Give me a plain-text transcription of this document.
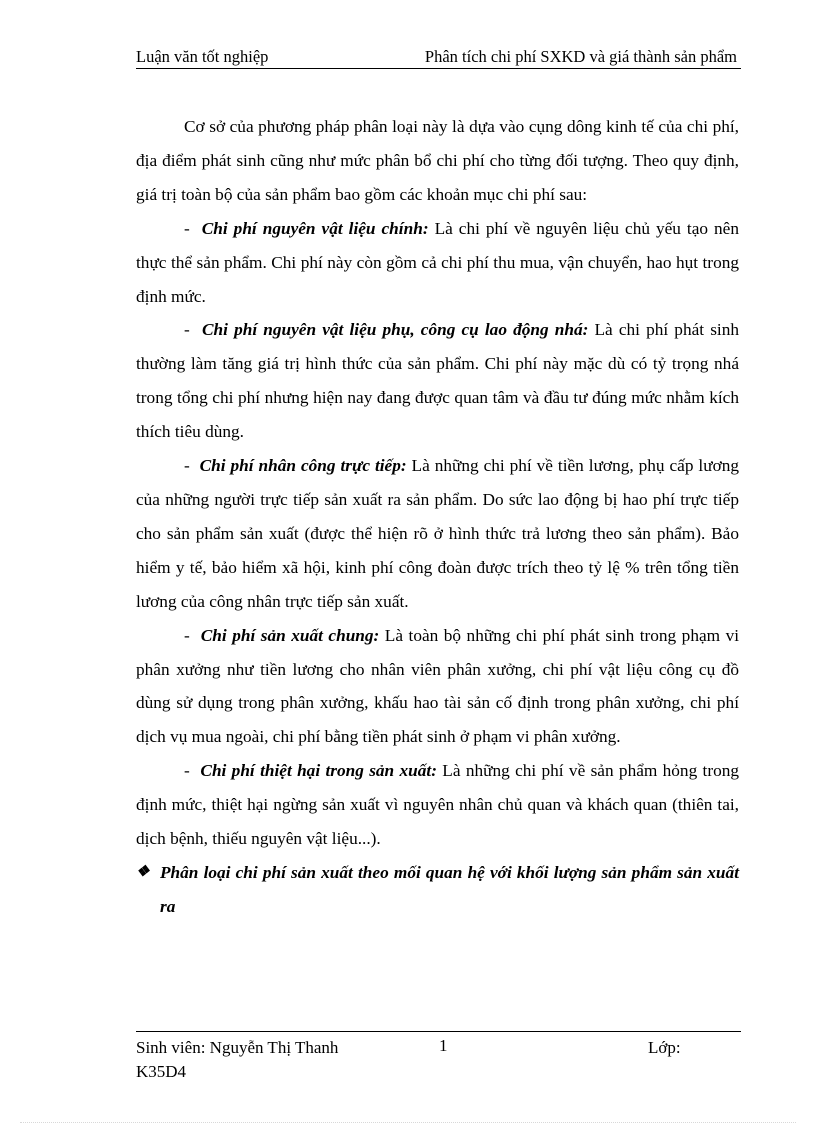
Luận văn tốt nghiệp	Phân tích chi phí SXKD và giá thành sản phẩm

Cơ sở của phương pháp phân loại này là dựa vào cụng dông kinh tế của chi phí, địa điểm phát sinh cũng như mức phân bổ chi phí cho từng đối tượng. Theo quy định, giá trị toàn bộ của sản phẩm bao gồm các khoản mục chi phí sau:

- Chi phí nguyên vật liệu chính: Là chi phí về nguyên liệu chủ yếu tạo nên thực thể sản phẩm. Chi phí này còn gồm cả chi phí thu mua, vận chuyển, hao hụt trong định mức.

- Chi phí nguyên vật liệu phụ, công cụ lao động nhá: Là chi phí phát sinh thường làm tăng giá trị hình thức của sản phẩm. Chi phí này mặc dù có tỷ trọng nhá trong tổng chi phí nhưng hiện nay đang được quan tâm và đầu tư đúng mức nhằm kích thích tiêu dùng.

- Chi phí nhân công trực tiếp: Là những chi phí về tiền lương, phụ cấp lương của những người trực tiếp sản xuất ra sản phẩm. Do sức lao động bị hao phí trực tiếp cho sản phẩm sản xuất (được thể hiện rõ ở hình thức trả lương theo sản phẩm). Bảo hiểm y tế, bảo hiểm xã hội, kinh phí công đoàn được trích theo tỷ lệ % trên tổng tiền lương của công nhân trực tiếp sản xuất.

- Chi phí sản xuất chung: Là toàn bộ những chi phí phát sinh trong phạm vi phân xưởng như tiền lương cho nhân viên phân xưởng, chi phí vật liệu công cụ đồ dùng sử dụng trong phân xưởng, khấu hao tài sản cố định trong phân xưởng, chi phí dịch vụ mua ngoài, chi phí bằng tiền phát sinh ở phạm vi phân xưởng.

- Chi phí thiệt hại trong sản xuất: Là những chi phí về sản phẩm hỏng trong định mức, thiệt hại ngừng sản xuất vì nguyên nhân chủ quan và khách quan (thiên tai, dịch bệnh, thiếu nguyên vật liệu...).

❖ Phân loại chi phí sản xuất theo mối quan hệ với khối lượng sản phẩm sản xuất ra
Sinh viên: Nguyễn Thị Thanh K35D4
1	Lớp:
